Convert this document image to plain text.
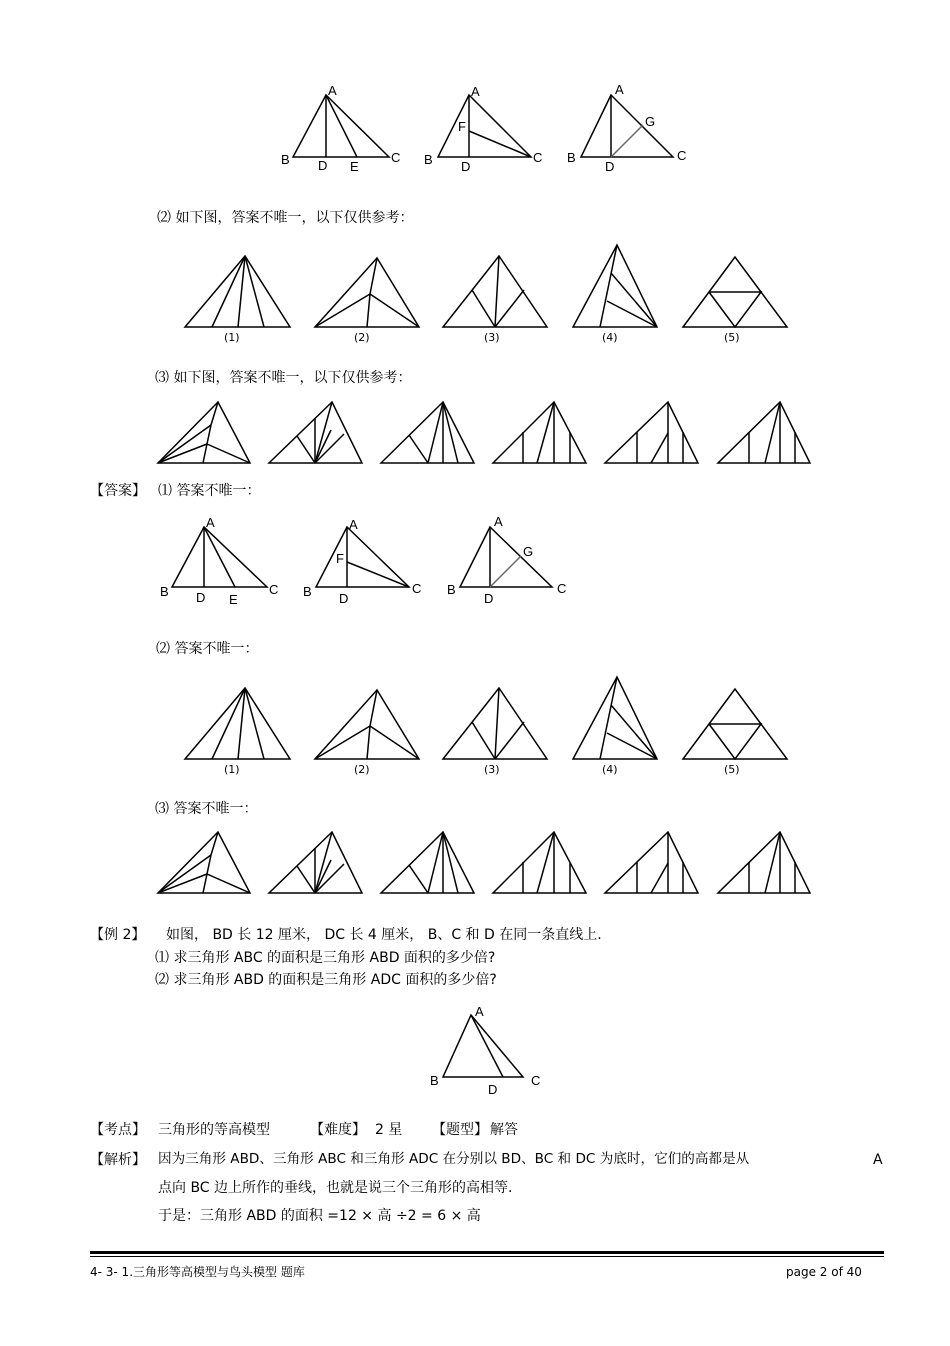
⑵ 如下图，答案不唯一，以下仅供参考：
⑶ 如下图，答案不唯一，以下仅供参考：
【答案】 ⑴ 答案不唯一：
⑵ 答案不唯一：
⑶ 答案不唯一：
【例 2】 如图， BD 长 12 厘米， DC 长 4 厘米， B、C 和 D 在同一条直线上.
⑴ 求三角形 ABC 的面积是三角形 ABD 面积的多少倍?
⑵ 求三角形 ABD 的面积是三角形 ADC 面积的多少倍?
【考点】 三角形的等高模型	【难度】 2 星 【题型】 解答
【解析】 因为三角形 ABD、三角形 ABC 和三角形 ADC 在分别以 BD、BC 和 DC 为底时，它们的高都是从	A
点向 BC 边上所作的垂线，也就是说三个三角形的高相等.
于是：三角形 ABD 的面积 =12 × 高 ÷2 = 6 × 高
4- 3- 1.三角形等高模型与鸟头模型 题库	page 2 of 40
A
B	C
D E
A
B	C
D
F
A
B	C
D
G
(1)	(2)	(3)	(4)	(5)
A
B	C
D E
A
B	C
D
F
A
B	C
D
G
(1)	(2)	(3)	(4)	(5)
A
B	C
D
